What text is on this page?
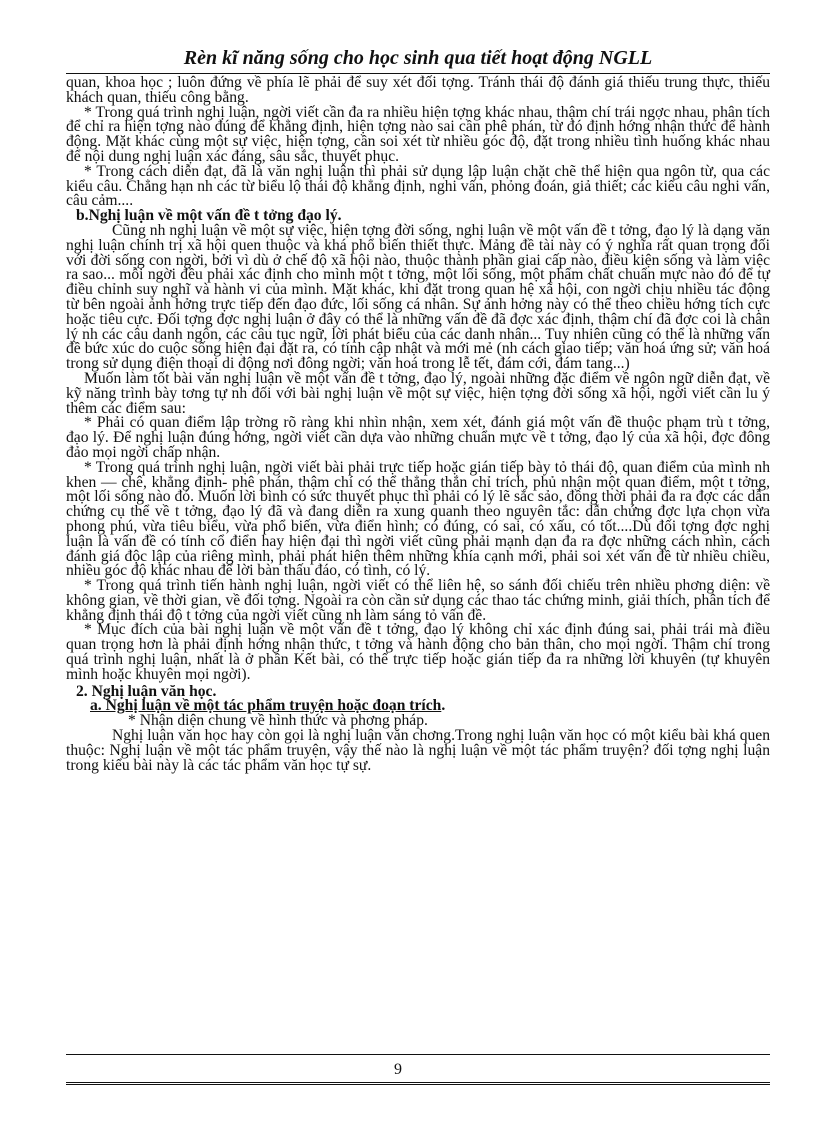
Rèn kĩ năng sống cho học sinh qua tiết hoạt động NGLL

quan, khoa học ; luôn đứng về phía lẽ phải để suy xét đối tợng. Tránh thái độ đánh giá thiếu trung thực, thiếu khách quan, thiếu công bằng.

* Trong quá trình nghị luận, ngời viết cần đa ra nhiều hiện tợng khác nhau, thậm chí trái ngợc nhau, phân tích để chỉ ra hiện tợng nào đúng để khẳng định, hiện tợng nào sai cần phê phán, từ đó định hớng nhận thức để hành động. Mặt khác cùng một sự việc, hiện tợng, cần soi xét từ nhiều góc độ, đặt trong nhiều tình huống khác nhau để nội dung nghị luận xác đáng, sâu sắc, thuyết phục.

* Trong cách diễn đạt, đã là văn nghị luận thì phải sử dụng lập luận chặt chẽ thể hiện qua ngôn từ, qua các kiểu câu. Chẳng hạn nh các từ biểu lộ thái độ khẳng định, nghi vấn, phỏng đoán, giả thiết; các kiểu câu nghi vấn, câu cảm....

b.Nghị luận về một vấn đề t tởng đạo lý.

Cũng nh nghị luận về một sự việc, hiện tợng đời sống, nghị luận về một vấn đề t tởng, đạo lý là dạng văn nghị luận chính trị xã hội quen thuộc và khá phổ biến thiết thực. Mảng đề tài này có ý nghĩa rất quan trọng đối với đời sống con ngời, bởi vì dù ở chế độ xã hội nào, thuộc thành phần giai cấp nào, điều kiện sống và làm việc ra sao... mỗi ngời đều phải xác định cho mình một t tởng, một lối sống, một phẩm chất chuẩn mực nào đó để tự điều chỉnh suy nghĩ và hành vi của mình. Mặt khác, khi đặt trong quan hệ xã hội, con ngời chịu nhiều tác động từ bên ngoài ảnh hởng trực tiếp đến đạo đức, lối sống cá nhân. Sự ảnh hởng này có thể theo chiều hớng tích cực hoặc tiêu cực. Đối tợng đợc nghị luận ở đây có thể là những vấn đề đã đợc xác định, thậm chí đã đợc coi là chân lý nh các câu danh ngôn, các câu tục ngữ, lời phát biểu của các danh nhân... Tuy nhiên cũng có thể là những vấn đề bức xúc do cuộc sống hiện đại đặt ra, có tính cập nhật và mới mẻ (nh cách giao tiếp; văn hoá ứng sử; văn hoá trong sử dụng điện thoại di động nơi đông ngời; văn hoá trong lễ tết, đám cới, đám tang...)

Muốn làm tốt bài văn nghị luận về một vấn đề t tởng, đạo lý, ngoài những đặc điểm về ngôn ngữ diễn đạt, về kỹ năng trình bày tơng tự nh đối với bài nghị luận về một sự việc, hiện tợng đời sống xã hội, ngời viết cần lu ý thêm các điểm sau:

* Phải có quan điểm lập trờng rõ ràng khi nhìn nhận, xem xét, đánh giá một vấn đề thuộc phạm trù t tởng, đạo lý. Để nghị luận đúng hớng, ngời viết cần dựa vào những chuẩn mực về t tởng, đạo lý của xã hội, đợc đông đảo mọi ngời chấp nhận.

* Trong quá trình nghị luận, ngời viết bài phải trực tiếp hoặc gián tiếp bày tỏ thái độ, quan điểm của mình nh khen — chê, khẳng định- phê phán, thậm chí có thể thẳng thắn chỉ trích, phủ nhận một quan điểm, một t tởng, một lối sống nào đó. Muốn lời bình có sức thuyết phục thì phải có lý lẽ sắc sảo, đồng thời phải đa ra đợc các dẫn chứng cụ thể về t tởng, đạo lý đã và đang diễn ra xung quanh theo nguyên tắc: dẫn chứng đợc lựa chọn vừa phong phú, vừa tiêu biểu, vừa phổ biến, vừa điển hình; có đúng, có sai, có xấu, có tốt....Dù đối tợng đợc nghị luận là vấn đề có tính cổ điển hay hiện đại thì ngời viết cũng phải mạnh dạn đa ra đợc những cách nhìn, cách đánh giá độc lập của riêng mình, phải phát hiện thêm những khía cạnh mới, phải soi xét vấn đề từ nhiều chiều, nhiều góc độ khác nhau để lời bàn thấu đáo, có tình, có lý.

* Trong quá trình tiến hành nghị luận, ngời viết có thể liên hệ, so sánh đối chiếu trên nhiều phơng diện: về không gian, về thời gian, về đối tợng. Ngoài ra còn cần sử dụng các thao tác chứng minh, giải thích, phân tích để khẳng định thái độ t tởng của ngời viết cũng nh làm sáng tỏ vấn đề.

* Mục đích của bài nghị luận về một vấn đề t tởng, đạo lý không chỉ xác định đúng sai, phải trái mà điều quan trọng hơn là phải định hớng nhận thức, t tởng và hành động cho bản thân, cho mọi ngời. Thậm chí trong quá trình nghị luận, nhất là ở phần Kết bài, có thể trực tiếp hoặc gián tiếp đa ra những lời khuyên (tự khuyên mình hoặc khuyên mọi ngời).

2. Nghị luận văn học.

a. Nghị luận về một tác phẩm truyện hoặc đoạn trích.

* Nhận diện chung về hình thức và phơng pháp.

Nghị luận văn học hay còn gọi là nghị luận văn chơng.Trong nghị luận văn học có một kiểu bài khá quen thuộc: Nghị luận về một tác phẩm truyện, vậy thế nào là nghị luận về một tác phẩm truyện? đối tợng nghị luận trong kiểu bài này là các tác phẩm văn học tự sự.

9
